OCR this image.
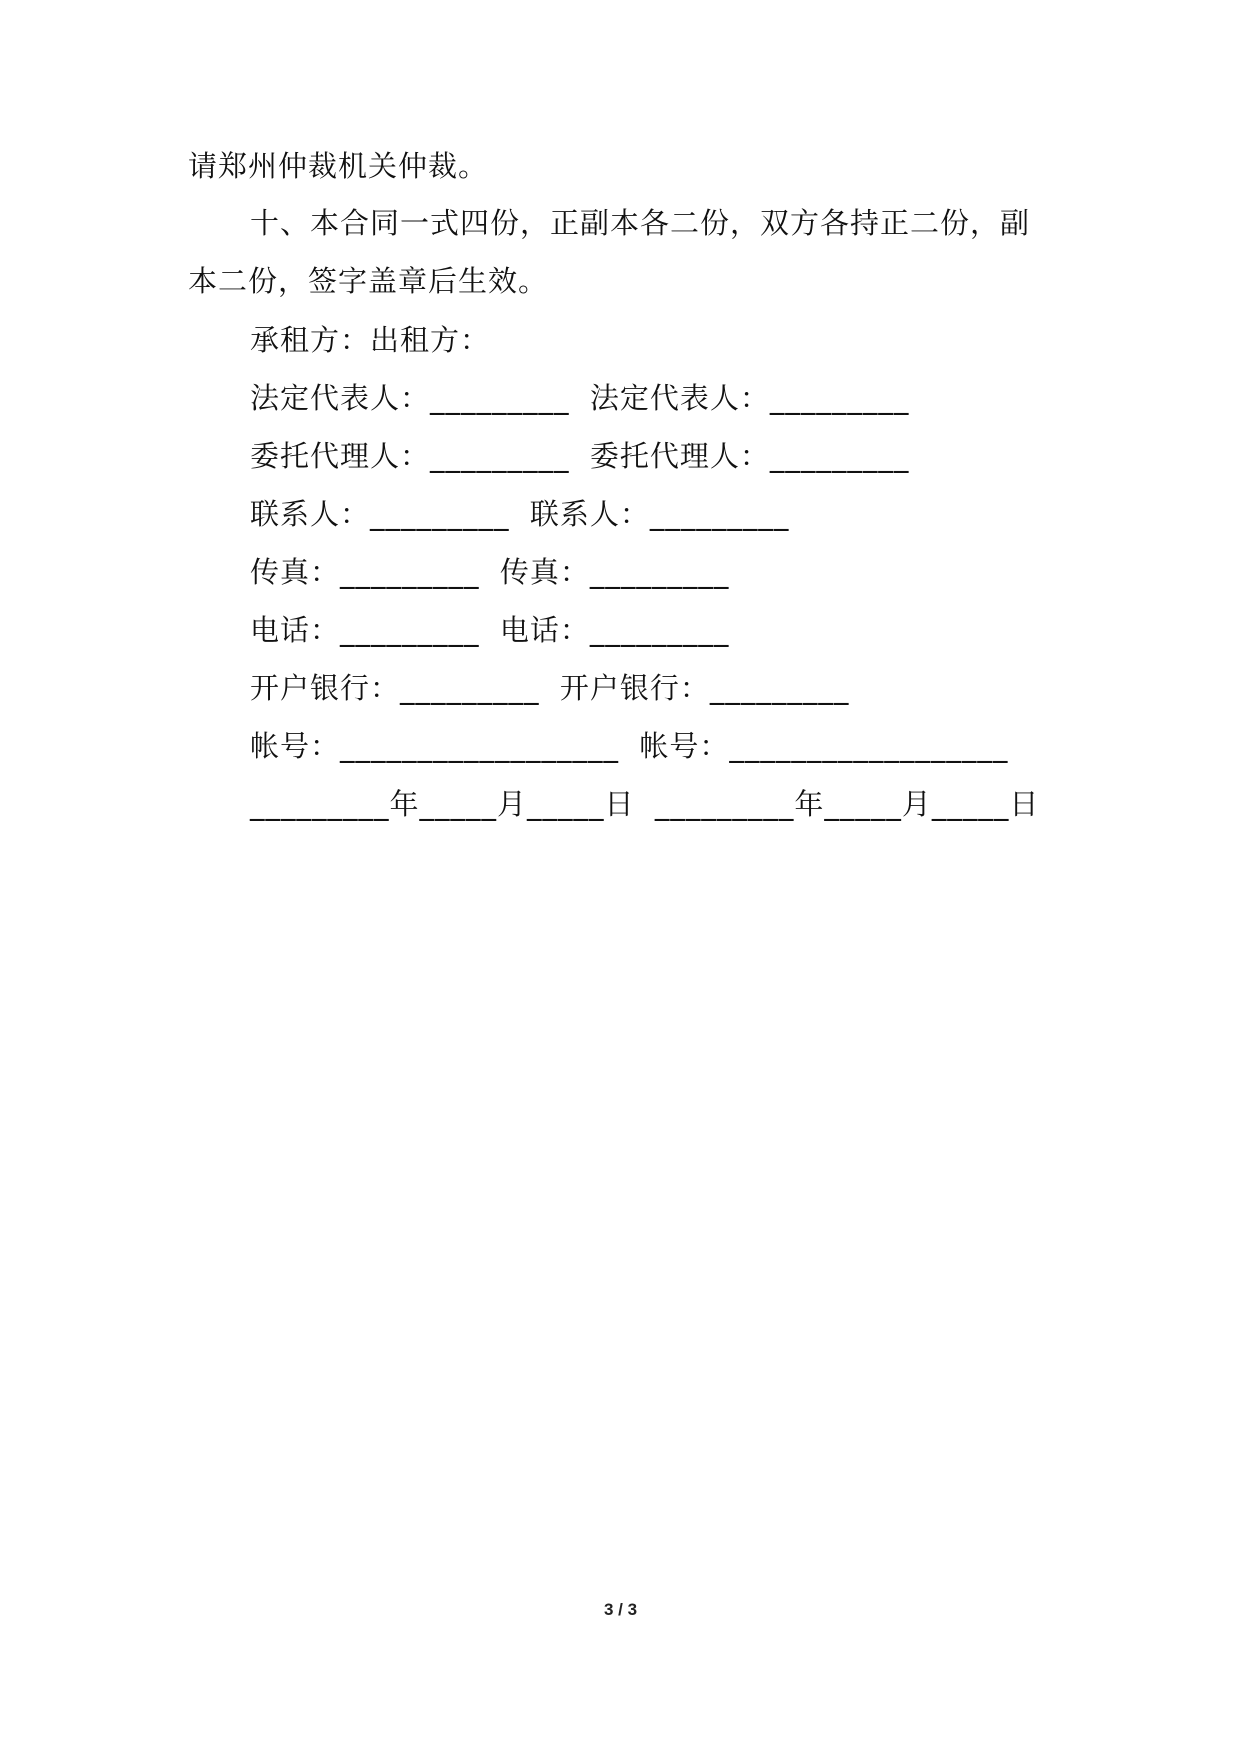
请郑州仲裁机关仲裁。
十、本合同一式四份，正副本各二份，双方各持正二份，副
本二份，签字盖章后生效。
承租方：出租方：
法定代表人：_________  法定代表人：_________
委托代理人：_________  委托代理人：_________
联系人：_________  联系人：_________
传真：_________  传真：_________
电话：_________  电话：_________
开户银行：_________  开户银行：_________
帐号：__________________  帐号：__________________
_________年_____月_____日  _________年_____月_____日
3 / 3
